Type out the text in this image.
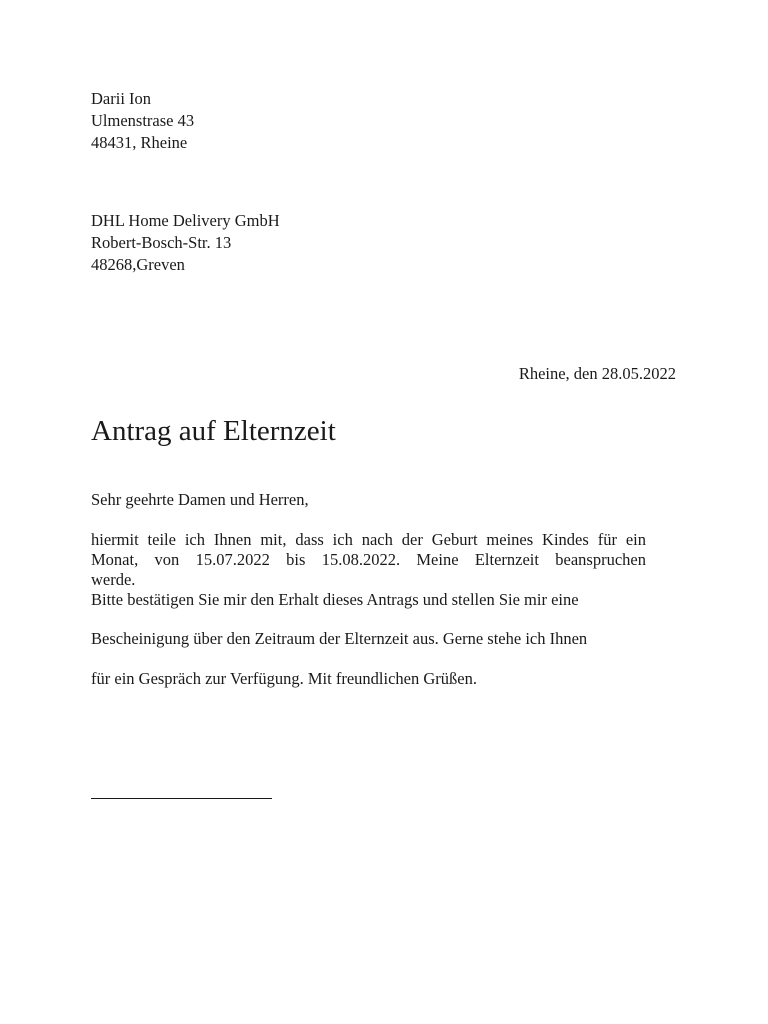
Darii Ion
Ulmenstrase 43
48431, Rheine
DHL Home Delivery GmbH
Robert-Bosch-Str. 13
48268,Greven
Rheine, den 28.05.2022
Antrag auf Elternzeit
Sehr geehrte Damen und Herren,
hiermit teile ich Ihnen mit, dass ich nach der Geburt meines Kindes für ein
Monat, von 15.07.2022 bis 15.08.2022. Meine Elternzeit beanspruchen
werde.
Bitte bestätigen Sie mir den Erhalt dieses Antrags und stellen Sie mir eine
Bescheinigung über den Zeitraum der Elternzeit aus. Gerne stehe ich Ihnen
für ein Gespräch zur Verfügung. Mit freundlichen Grüßen.
